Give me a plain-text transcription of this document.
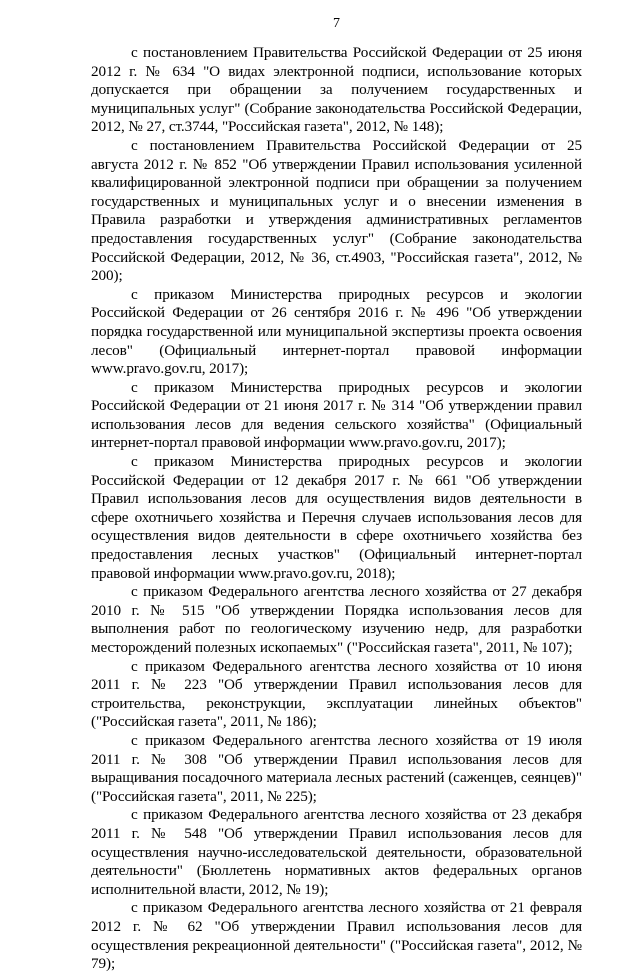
7

с постановлением Правительства Российской Федерации от 25 июня 2012 г. № 634 "О видах электронной подписи, использование которых допускается при обращении за получением государственных и муниципальных услуг" (Собрание законодательства Российской Федерации, 2012, № 27, ст.3744, "Российская газета", 2012, № 148);

с постановлением Правительства Российской Федерации от 25 августа 2012 г. № 852 "Об утверждении Правил использования усиленной квалифицированной электронной подписи при обращении за получением государственных и муниципальных услуг и о внесении изменения в Правила разработки и утверждения административных регламентов предоставления государственных услуг" (Собрание законодательства Российской Федерации, 2012, № 36, ст.4903, "Российская газета", 2012, № 200);

с приказом Министерства природных ресурсов и экологии Российской Федерации от 26 сентября 2016 г. № 496 "Об утверждении порядка государственной или муниципальной экспертизы проекта освоения лесов" (Официальный интернет-портал правовой информации www.pravo.gov.ru, 2017);

с приказом Министерства природных ресурсов и экологии Российской Федерации от 21 июня 2017 г. № 314 "Об утверждении правил использования лесов для ведения сельского хозяйства" (Официальный интернет-портал правовой информации www.pravo.gov.ru, 2017);

с приказом Министерства природных ресурсов и экологии Российской Федерации от 12 декабря 2017 г. № 661 "Об утверждении Правил использования лесов для осуществления видов деятельности в сфере охотничьего хозяйства и Перечня случаев использования лесов для осуществления видов деятельности в сфере охотничьего хозяйства без предоставления лесных участков" (Официальный интернет-портал правовой информации www.pravo.gov.ru, 2018);

с приказом Федерального агентства лесного хозяйства от 27 декабря 2010 г. № 515 "Об утверждении Порядка использования лесов для выполнения работ по геологическому изучению недр, для разработки месторождений полезных ископаемых" ("Российская газета", 2011, № 107);

с приказом Федерального агентства лесного хозяйства от 10 июня 2011 г. № 223 "Об утверждении Правил использования лесов для строительства, реконструкции, эксплуатации линейных объектов" ("Российская газета", 2011, № 186);

с приказом Федерального агентства лесного хозяйства от 19 июля 2011 г. № 308 "Об утверждении Правил использования лесов для выращивания посадочного материала лесных растений (саженцев, сеянцев)" ("Российская газета", 2011, № 225);

с приказом Федерального агентства лесного хозяйства от 23 декабря 2011 г. № 548 "Об утверждении Правил использования лесов для осуществления научно-исследовательской деятельности, образовательной деятельности" (Бюллетень нормативных актов федеральных органов исполнительной власти, 2012, № 19);

с приказом Федерального агентства лесного хозяйства от 21 февраля 2012 г. № 62 "Об утверждении Правил использования лесов для осуществления рекреационной деятельности" ("Российская газета", 2012, № 79);
